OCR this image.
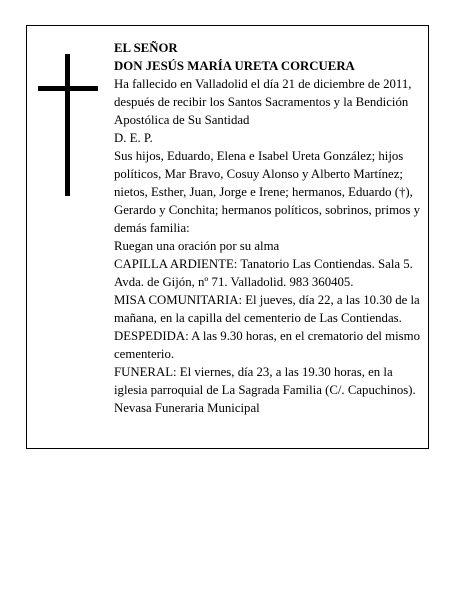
EL SEÑOR

DON JESÚS MARÍA URETA CORCUERA

Ha fallecido en Valladolid el día 21 de diciembre de 2011, después de recibir los Santos Sacramentos y la Bendición Apostólica de Su Santidad

D. E. P.

Sus hijos, Eduardo, Elena e Isabel Ureta González; hijos políticos, Mar Bravo, Cosuy Alonso y Alberto Martínez; nietos, Esther, Juan, Jorge e Irene; hermanos, Eduardo (†), Gerardo y Conchita; hermanos políticos, sobrinos, primos y demás familia:

Ruegan una oración por su alma

CAPILLA ARDIENTE: Tanatorio Las Contiendas. Sala 5. Avda. de Gijón, nº 71. Valladolid. 983 360405.

MISA COMUNITARIA: El jueves, día 22, a las 10.30 de la mañana, en la capilla del cementerio de Las Contiendas.

DESPEDIDA: A las 9.30 horas, en el crematorio del mismo cementerio.

FUNERAL: El viernes, día 23, a las 19.30 horas, en la iglesia parroquial de La Sagrada Familia (C/. Capuchinos).

Nevasa Funeraria Municipal
